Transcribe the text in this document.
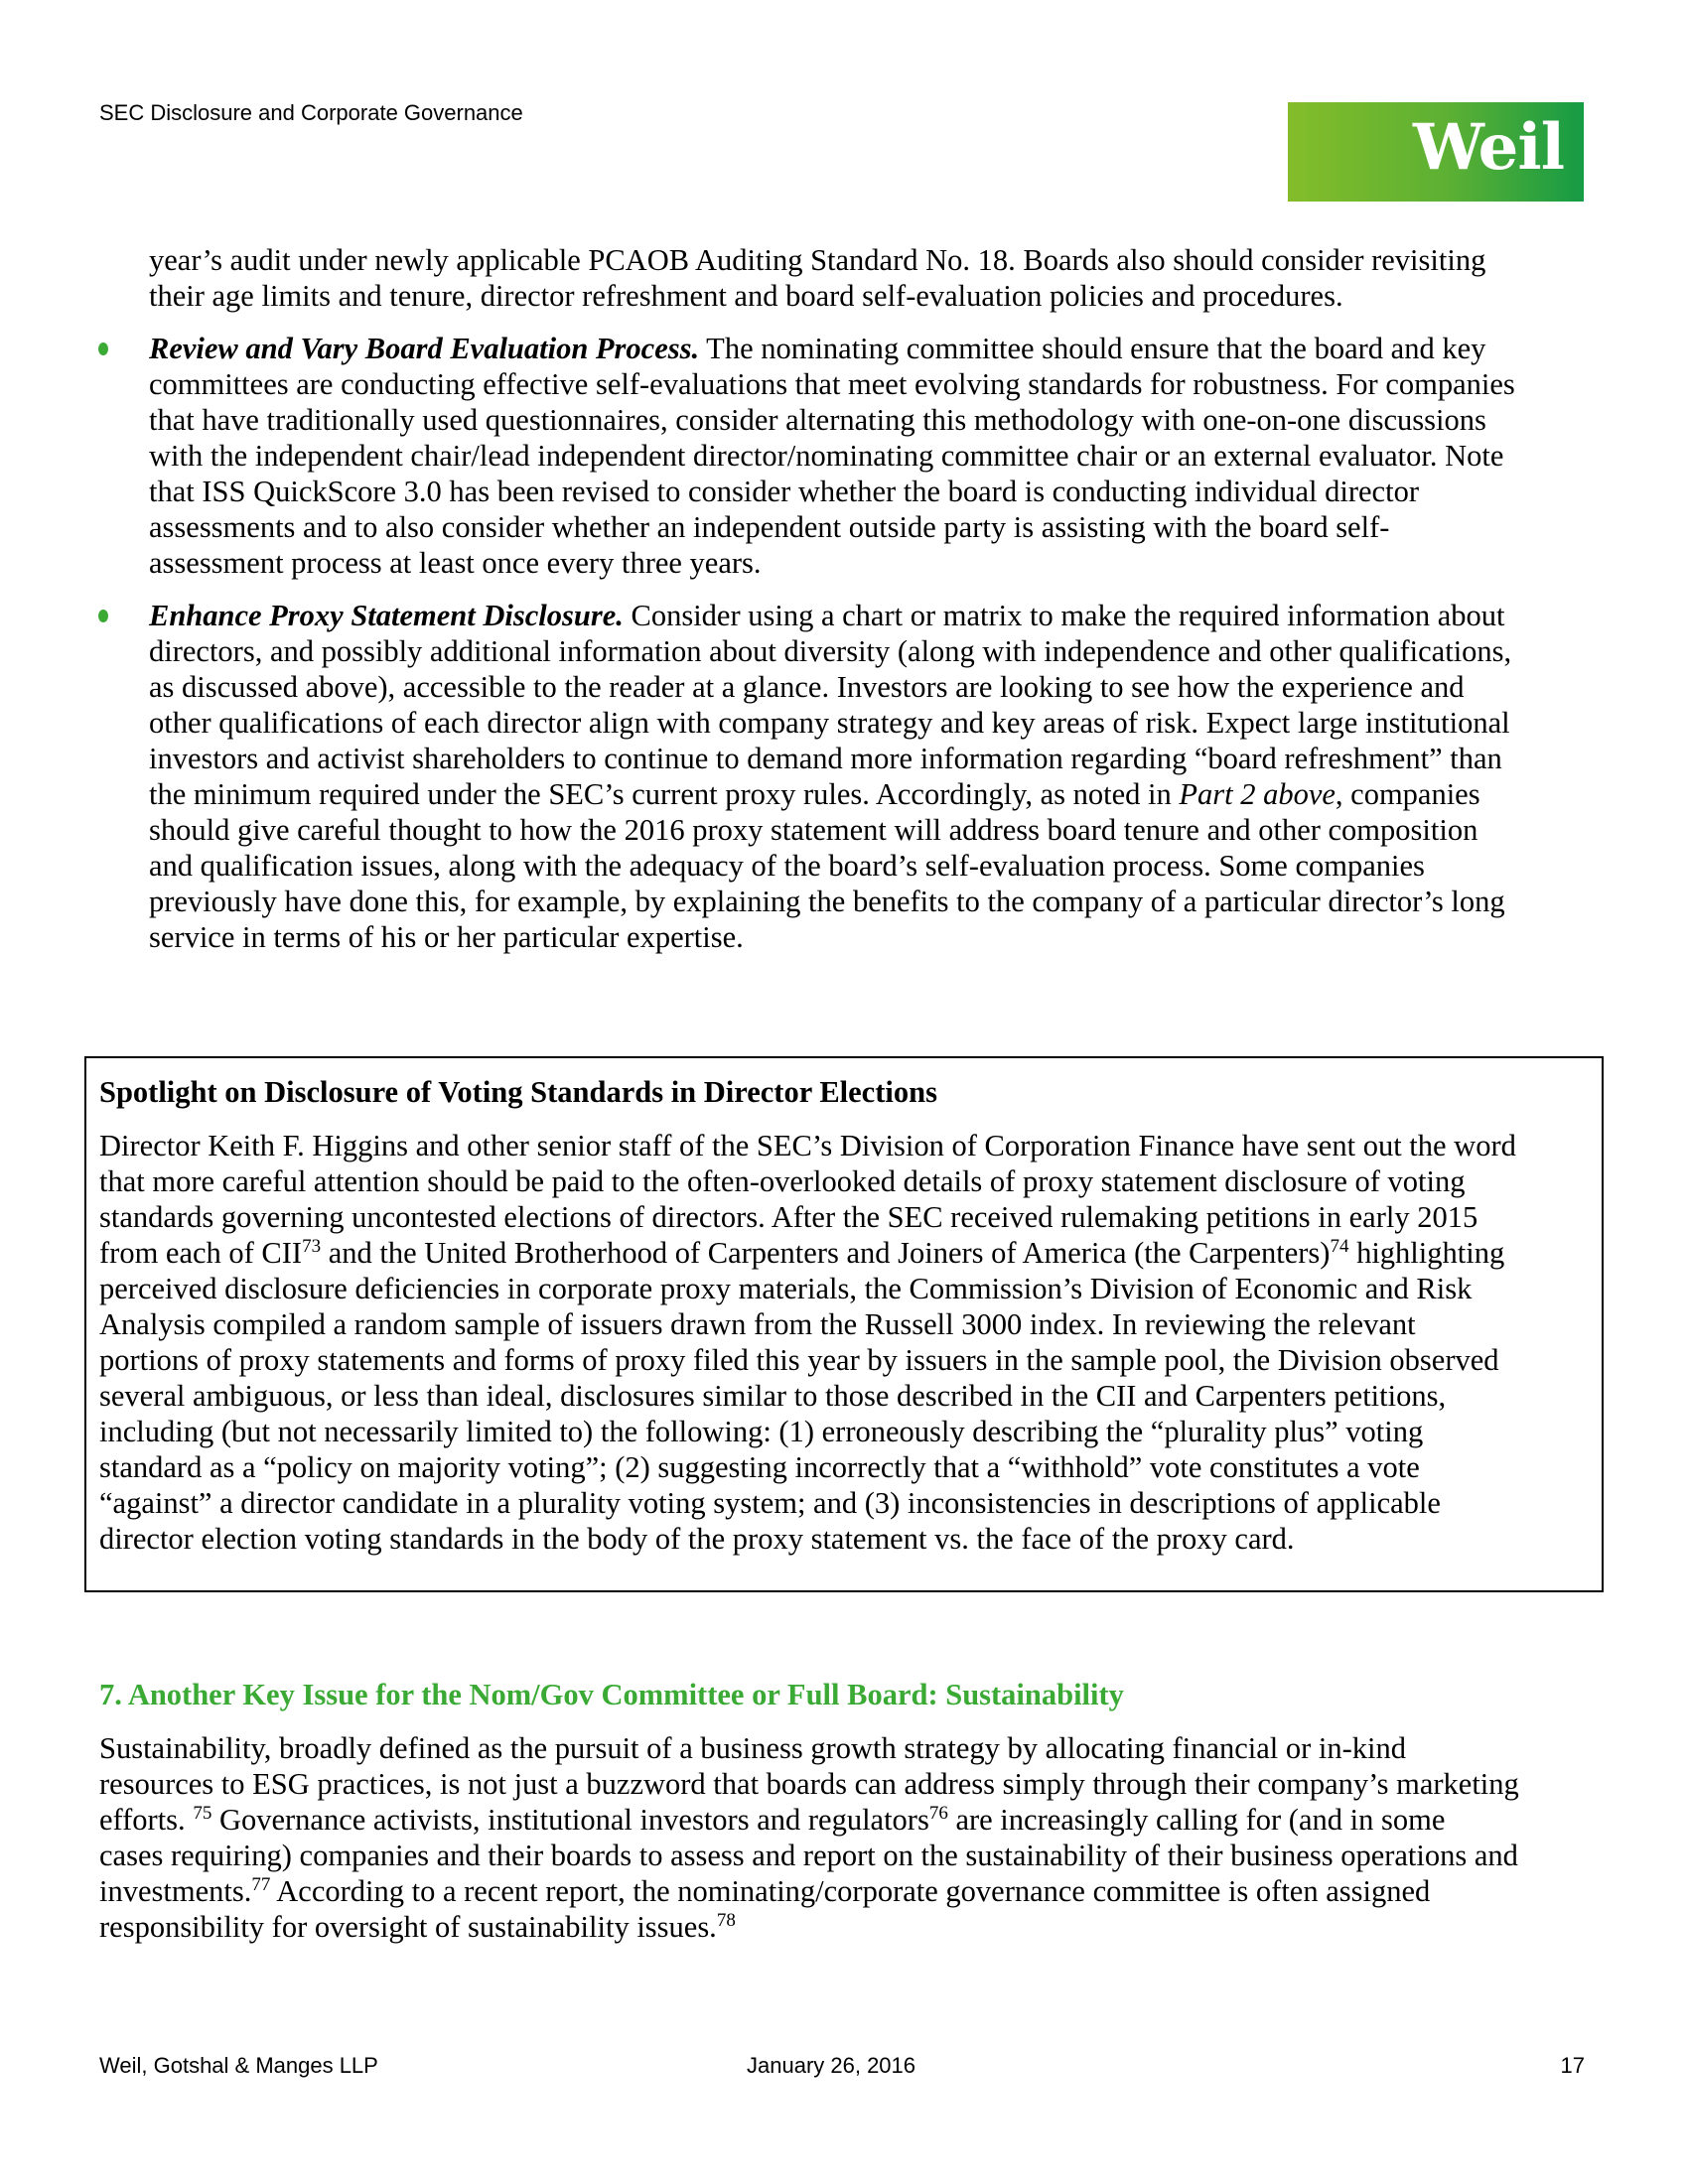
SEC Disclosure and Corporate Governance	Weil
year’s audit under newly applicable PCAOB Auditing Standard No. 18. Boards also should consider revisiting
their age limits and tenure, director refreshment and board self-evaluation policies and procedures.
Review and Vary Board Evaluation Process. The nominating committee should ensure that the board and key
committees are conducting effective self-evaluations that meet evolving standards for robustness. For companies
that have traditionally used questionnaires, consider alternating this methodology with one-on-one discussions
with the independent chair/lead independent director/nominating committee chair or an external evaluator. Note
that ISS QuickScore 3.0 has been revised to consider whether the board is conducting individual director
assessments and to also consider whether an independent outside party is assisting with the board self-
assessment process at least once every three years.
Enhance Proxy Statement Disclosure. Consider using a chart or matrix to make the required information about
directors, and possibly additional information about diversity (along with independence and other qualifications,
as discussed above), accessible to the reader at a glance. Investors are looking to see how the experience and
other qualifications of each director align with company strategy and key areas of risk. Expect large institutional
investors and activist shareholders to continue to demand more information regarding “board refreshment” than
the minimum required under the SEC’s current proxy rules. Accordingly, as noted in Part 2 above, companies
should give careful thought to how the 2016 proxy statement will address board tenure and other composition
and qualification issues, along with the adequacy of the board’s self-evaluation process. Some companies
previously have done this, for example, by explaining the benefits to the company of a particular director’s long
service in terms of his or her particular expertise.
Spotlight on Disclosure of Voting Standards in Director Elections
Director Keith F. Higgins and other senior staff of the SEC’s Division of Corporation Finance have sent out the word
that more careful attention should be paid to the often-overlooked details of proxy statement disclosure of voting
standards governing uncontested elections of directors. After the SEC received rulemaking petitions in early 2015
from each of CII$^{73}$ and the United Brotherhood of Carpenters and Joiners of America (the Carpenters)$^{74}$ highlighting
perceived disclosure deficiencies in corporate proxy materials, the Commission’s Division of Economic and Risk
Analysis compiled a random sample of issuers drawn from the Russell 3000 index. In reviewing the relevant
portions of proxy statements and forms of proxy filed this year by issuers in the sample pool, the Division observed
several ambiguous, or less than ideal, disclosures similar to those described in the CII and Carpenters petitions,
including (but not necessarily limited to) the following: (1) erroneously describing the “plurality plus” voting
standard as a “policy on majority voting”; (2) suggesting incorrectly that a “withhold” vote constitutes a vote
“against” a director candidate in a plurality voting system; and (3) inconsistencies in descriptions of applicable
director election voting standards in the body of the proxy statement vs. the face of the proxy card.
7. Another Key Issue for the Nom/Gov Committee or Full Board: Sustainability
Sustainability, broadly defined as the pursuit of a business growth strategy by allocating financial or in-kind
resources to ESG practices, is not just a buzzword that boards can address simply through their company’s marketing
efforts. $^{75}$ Governance activists, institutional investors and regulators$^{76}$ are increasingly calling for (and in some
cases requiring) companies and their boards to assess and report on the sustainability of their business operations and
investments.$^{77}$ According to a recent report, the nominating/corporate governance committee is often assigned
responsibility for oversight of sustainability issues.$^{78}$
Weil, Gotshal & Manges LLP	January 26, 2016	17
